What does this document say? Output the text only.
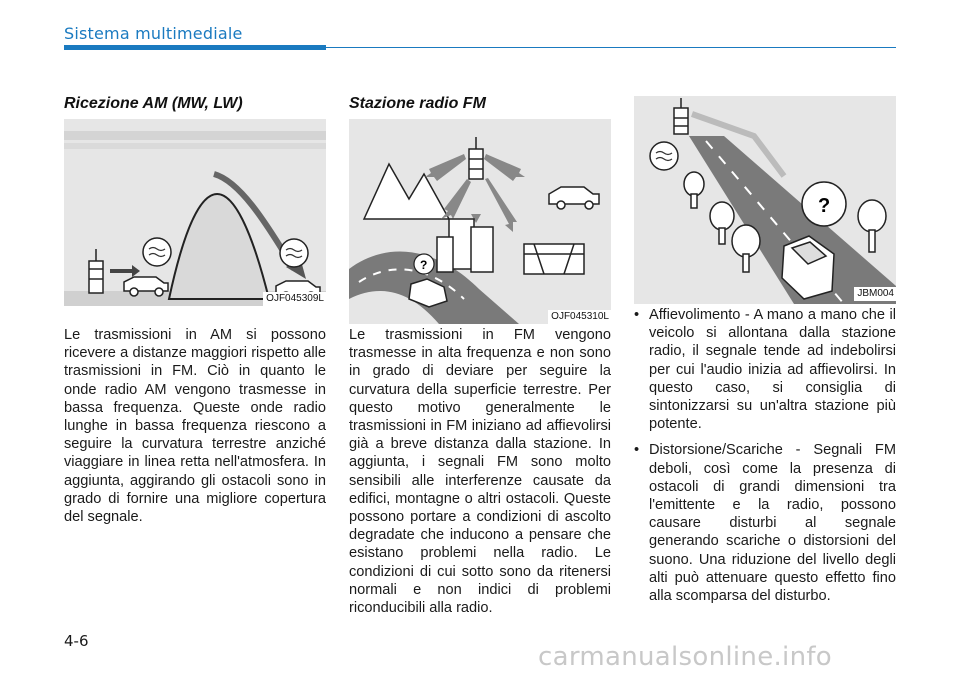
Sistema multimediale
Ricezione AM (MW, LW)
OJF045309L
Le trasmissioni in AM si possono ricevere a distanze maggiori rispetto alle trasmissioni in FM. Ciò in quanto le onde radio AM vengono trasmesse in bassa frequenza. Queste onde radio lunghe in bassa frequenza riescono a seguire la curvatura terrestre anziché viaggiare in linea retta nell'atmosfera. In aggiunta, aggirando gli ostacoli sono in grado di fornire una migliore copertura del segnale.
Stazione radio FM
?
OJF045310L
Le trasmissioni in FM vengono trasmesse in alta frequenza e non sono in grado di deviare per seguire la curvatura della superficie terrestre. Per questo motivo generalmente le trasmissioni in FM iniziano ad affievolirsi già a breve distanza dalla stazione. In aggiunta, i segnali FM sono molto sensibili alle interferenze causate da edifici, montagne o altri ostacoli. Queste possono portare a condizioni di ascolto degradate che inducono a pensare che esistano problemi nella radio. Le condizioni di cui sotto sono da ritenersi normali e non indici di problemi riconducibili alla radio.
?
JBM004
• Affievolimento - A mano a mano che il veicolo si allontana dalla stazione radio, il segnale tende ad indebolirsi per cui l'audio inizia ad affievolirsi. In questo caso, si consiglia di sintonizzarsi su un'altra stazione più potente.
• Distorsione/Scariche - Segnali FM deboli, così come la presenza di ostacoli di grandi dimensioni tra l'emittente e la radio, possono causare disturbi al segnale generando scariche o distorsioni del suono. Una riduzione del livello degli alti può attenuare questo effetto fino alla scomparsa del disturbo.
4-6
carmanualsonline.info
